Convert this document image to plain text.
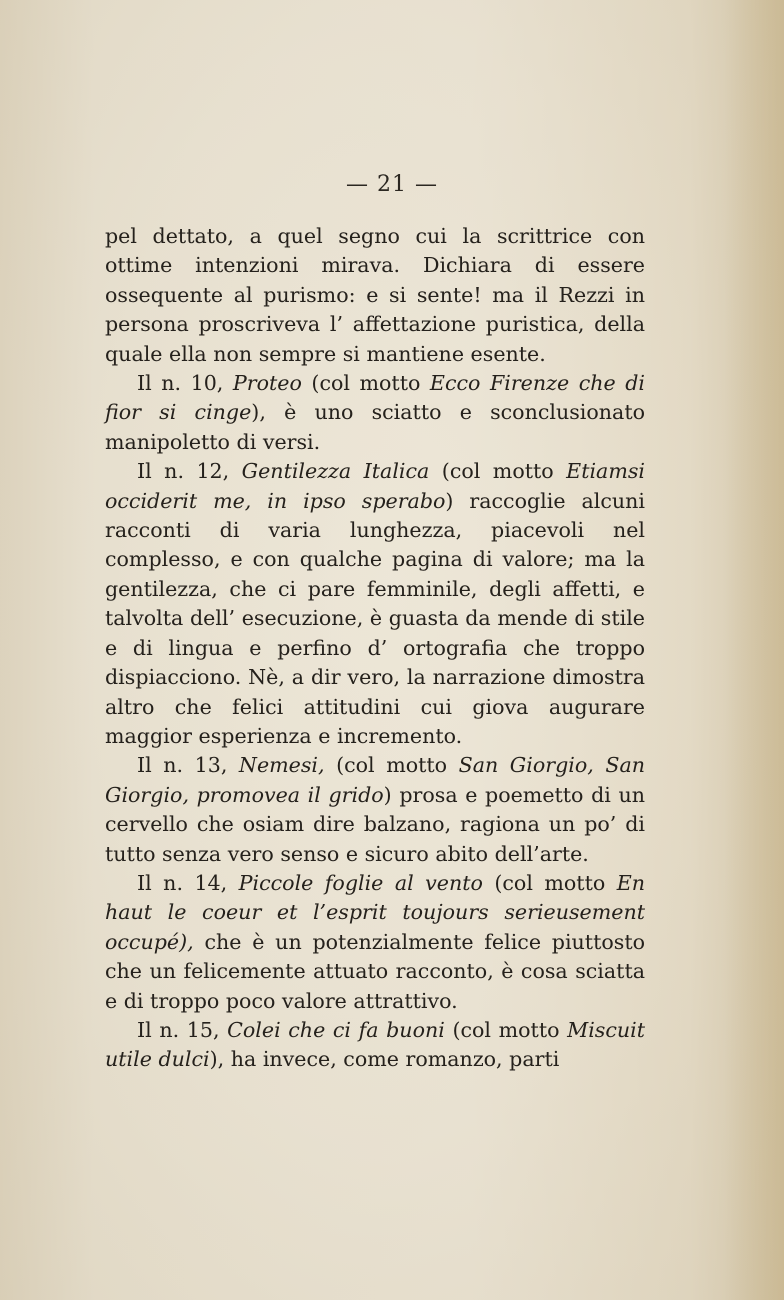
— 21 —

pel dettato, a quel segno cui la scrittrice con ottime intenzioni mirava. Dichiara di essere ossequente al purismo: e si sente! ma il Rezzi in persona proscriveva l’ affettazione puristica, della quale ella non sempre si mantiene esente.

Il n. 10, Proteo (col motto Ecco Firenze che di fior si cinge), è uno sciatto e sconclusionato manipoletto di versi.

Il n. 12, Gentilezza Italica (col motto Etiamsi occiderit me, in ipso sperabo) raccoglie alcuni racconti di varia lunghezza, piacevoli nel complesso, e con qualche pagina di valore; ma la gentilezza, che ci pare femminile, degli affetti, e talvolta dell’ esecuzione, è guasta da mende di stile e di lingua e perfino d’ ortografia che troppo dispiacciono. Nè, a dir vero, la narrazione dimostra altro che felici attitudini cui giova augurare maggior esperienza e incremento.

Il n. 13, Nemesi, (col motto San Giorgio, San Giorgio, promovea il grido) prosa e poemetto di un cervello che osiam dire balzano, ragiona un po’ di tutto senza vero senso e sicuro abito dell’arte.

Il n. 14, Piccole foglie al vento (col motto En haut le coeur et l’esprit toujours serieusement occupé), che è un potenzialmente felice piuttosto che un felicemente attuato racconto, è cosa sciatta e di troppo poco valore attrattivo.

Il n. 15, Colei che ci fa buoni (col motto Miscuit utile dulci), ha invece, come romanzo, parti
